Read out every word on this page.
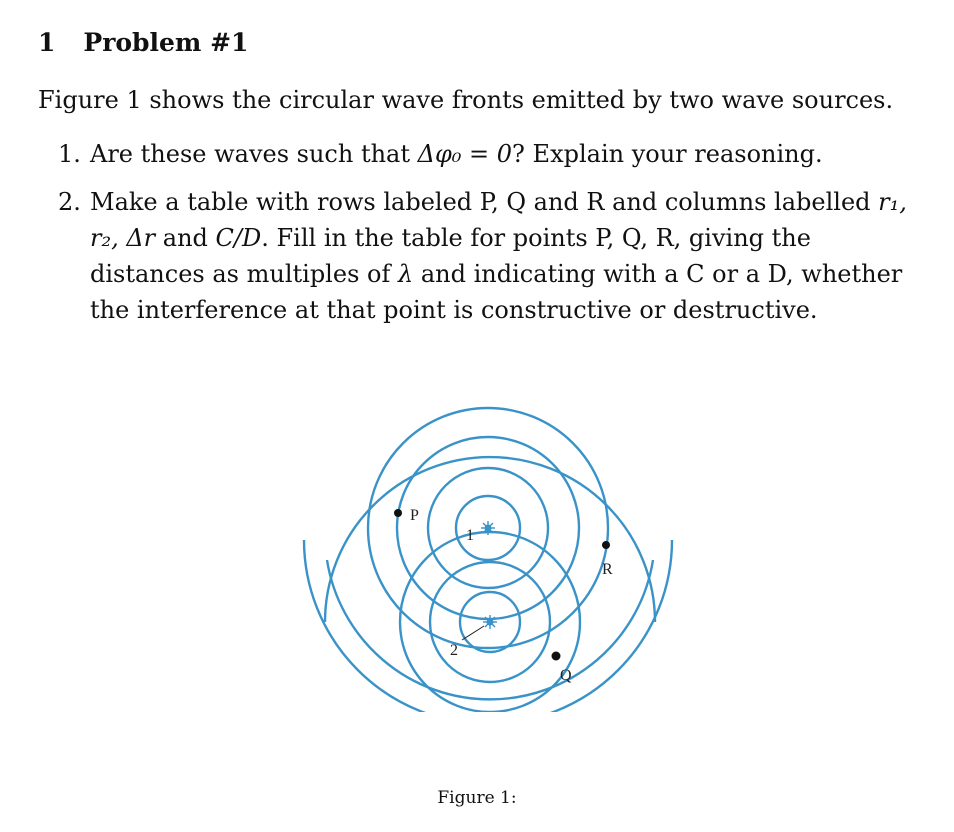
1 Problem #1
Figure 1 shows the circular wave fronts emitted by two wave sources.
1. Are these waves such that Δφ₀ = 0? Explain your reasoning.
2. Make a table with rows labeled P, Q and R and columns labelled r₁, r₂, Δr and C/D. Fill in the table for points P, Q, R, giving the distances as multiples of λ and indicating with a C or a D, whether the interference at that point is constructive or destructive.
1
2
P
R
Q
Figure 1:
